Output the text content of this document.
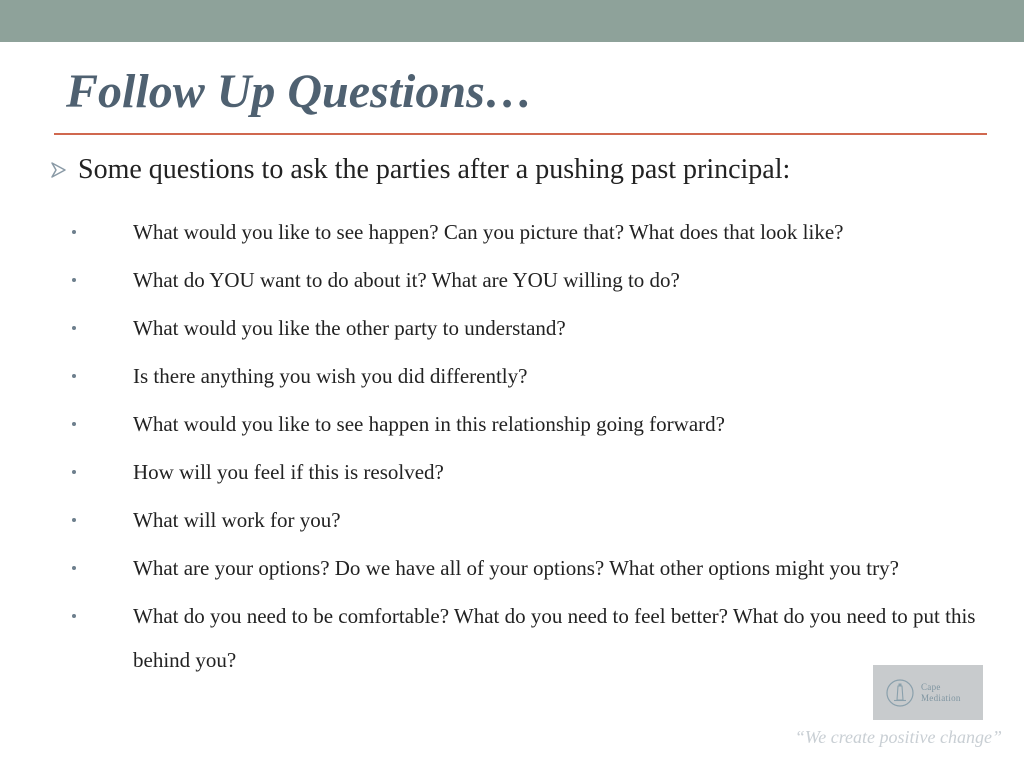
Follow Up Questions…
Some questions to ask the parties after a pushing past principal:
What would you like to see happen? Can you picture that? What does that look like?
What do YOU want to do about it? What are YOU willing to do?
What would you like the other party to understand?
Is there anything you wish you did differently?
What would you like to see happen in this relationship going forward?
How will you feel if this is resolved?
What will work for you?
What are your options? Do we have all of your options? What other options might you try?
What do you need to be comfortable? What do you need to feel better? What do you need to put this behind you?
Cape
Mediation
“We create positive change”
